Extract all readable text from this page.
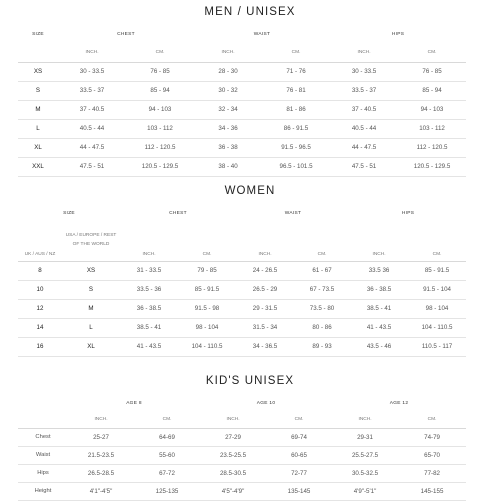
MEN / UNISEX
SIZE	CHEST		WAIST		HIPS	
	INCH.	CM.	INCH.	CM.	INCH.	CM.
XS	30 - 33.5	76 - 85	28 - 30	71 - 76	30 - 33.5	76 - 85
S	33.5 - 37	85 - 94	30 - 32	76 - 81	33.5 - 37	85 - 94
M	37 - 40.5	94 - 103	32 - 34	81 - 86	37 - 40.5	94 - 103
L	40.5 - 44	103 - 112	34 - 36	86 - 91.5	40.5 - 44	103 - 112
XL	44 - 47.5	112 - 120.5	36 - 38	91.5 - 96.5	44 - 47.5	112 - 120.5
XXL	47.5 - 51	120.5 - 129.5	38 - 40	96.5 - 101.5	47.5 - 51	120.5 - 129.5
WOMEN
SIZE		CHEST		WAIST		HIPS	
UK / AUS / NZ	USA / EUROPE / REST OF THE WORLD	INCH.	CM.	INCH.	CM.	INCH.	CM.
8	XS	31 - 33.5	79 - 85	24 - 26.5	61 - 67	33.5 36	85 - 91.5
10	S	33.5 - 36	85 - 91.5	26.5 - 29	67 - 73.5	36 - 38.5	91.5 - 104
12	M	36 - 38.5	91.5 - 98	29 - 31.5	73.5 - 80	38.5 - 41	98 - 104
14	L	38.5 - 41	98 - 104	31.5 - 34	80 - 86	41 - 43.5	104 - 110.5
16	XL	41 - 43.5	104 - 110.5	34 - 36.5	89 - 93	43.5 - 46	110.5 - 117
KID'S UNISEX
	AGE 8		AGE 10		AGE 12	
	INCH.	CM.	INCH.	CM.	INCH.	CM.
Chest	25-27	64-69	27-29	69-74	29-31	74-79
Waist	21.5-23.5	55-60	23.5-25.5	60-65	25.5-27.5	65-70
Hips	26.5-28.5	67-72	28.5-30.5	72-77	30.5-32.5	77-82
Height	4'1"-4'5"	125-135	4'5"-4'9"	135-145	4'9"-5'1"	145-155
